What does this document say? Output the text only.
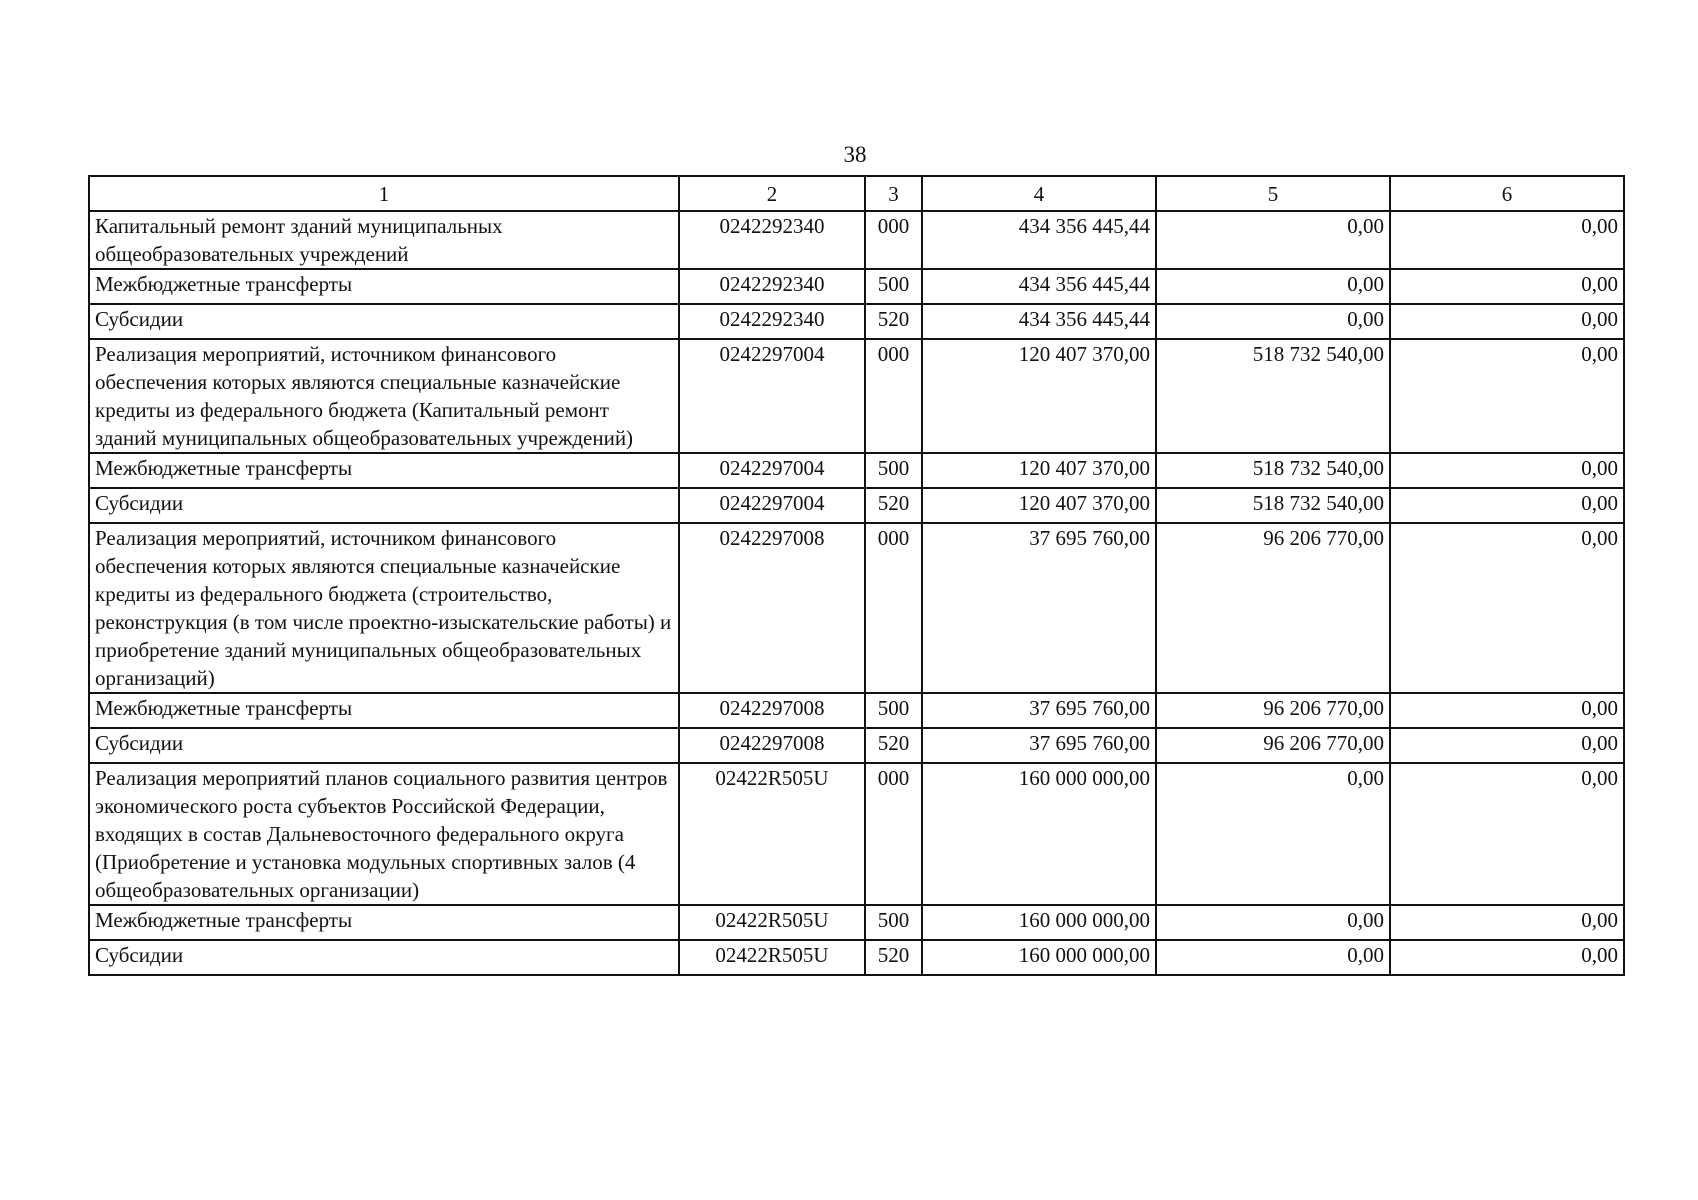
38
1	2	3	4	5	6
Капитальный ремонт зданий муниципальных общеобразовательных учреждений	0242292340	000	434 356 445,44	0,00	0,00
Межбюджетные трансферты	0242292340	500	434 356 445,44	0,00	0,00
Субсидии	0242292340	520	434 356 445,44	0,00	0,00
Реализация мероприятий, источником финансового обеспечения которых являются специальные казначейские кредиты из федерального бюджета (Капитальный ремонт зданий муниципальных общеобразовательных учреждений)	0242297004	000	120 407 370,00	518 732 540,00	0,00
Межбюджетные трансферты	0242297004	500	120 407 370,00	518 732 540,00	0,00
Субсидии	0242297004	520	120 407 370,00	518 732 540,00	0,00
Реализация мероприятий, источником финансового обеспечения которых являются специальные казначейские кредиты из федерального бюджета (строительство, реконструкция (в том числе проектно-изыскательские работы) и приобретение зданий муниципальных общеобразовательных организаций)	0242297008	000	37 695 760,00	96 206 770,00	0,00
Межбюджетные трансферты	0242297008	500	37 695 760,00	96 206 770,00	0,00
Субсидии	0242297008	520	37 695 760,00	96 206 770,00	0,00
Реализация мероприятий планов социального развития центров экономического роста субъектов Российской Федерации, входящих в состав Дальневосточного федерального округа (Приобретение и установка модульных спортивных залов (4 общеобразовательных организации)	02422R505U	000	160 000 000,00	0,00	0,00
Межбюджетные трансферты	02422R505U	500	160 000 000,00	0,00	0,00
Субсидии	02422R505U	520	160 000 000,00	0,00	0,00
